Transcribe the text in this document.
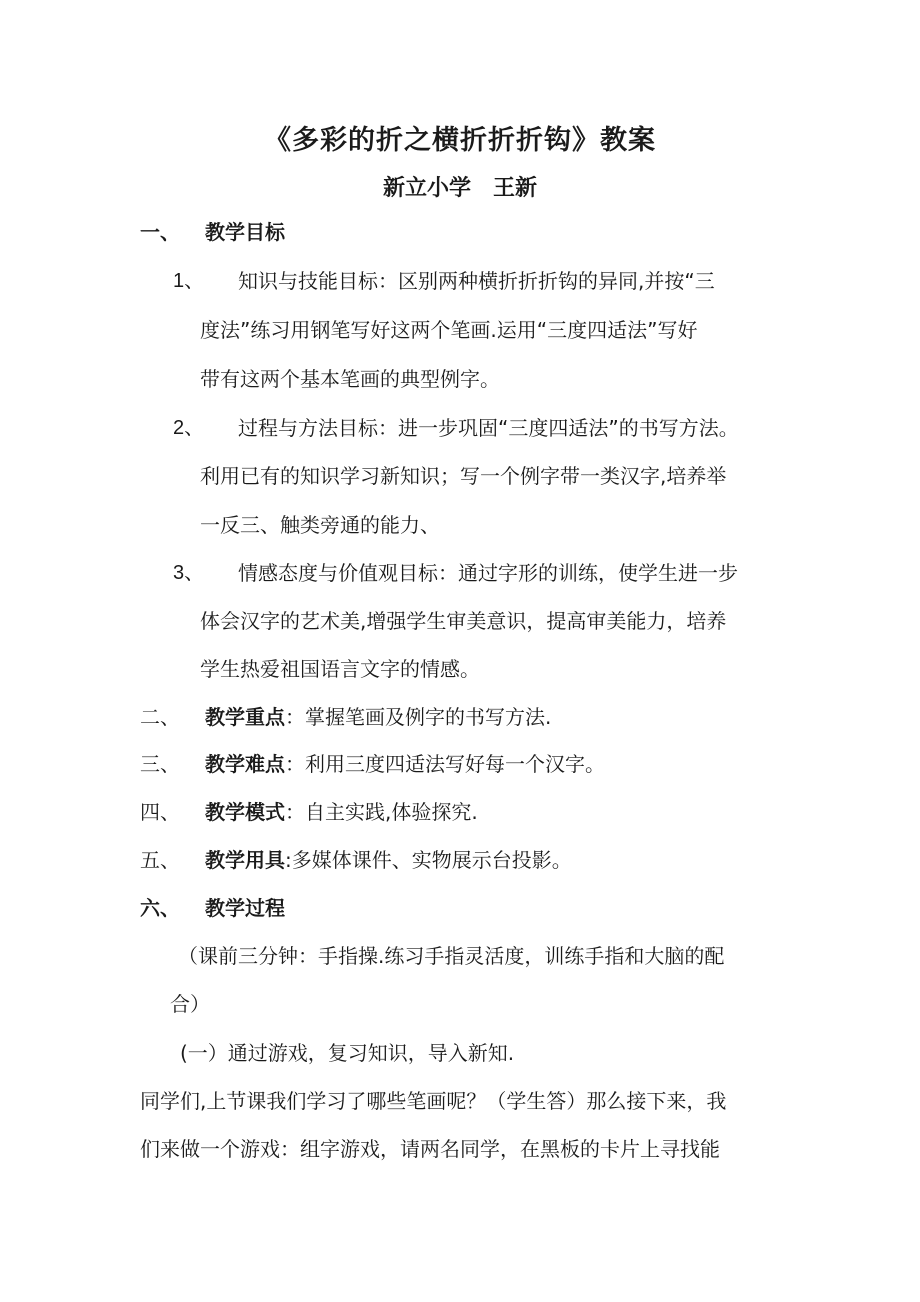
《多彩的折之横折折折钩》教案
新立小学　王新
一、 教学目标
1、 知识与技能目标：区别两种横折折折钩的异同,并按“三
度法”练习用钢笔写好这两个笔画.运用“三度四适法”写好
带有这两个基本笔画的典型例字。
2、 过程与方法目标：进一步巩固“三度四适法”的书写方法。
利用已有的知识学习新知识；写一个例字带一类汉字,培养举
一反三、触类旁通的能力、
3、 情感态度与价值观目标：通过字形的训练，使学生进一步
体会汉字的艺术美,增强学生审美意识，提高审美能力，培养
学生热爱祖国语言文字的情感。
二、 教学重点：掌握笔画及例字的书写方法.
三、 教学难点：利用三度四适法写好每一个汉字。
四、 教学模式：自主实践,体验探究.
五、 教学用具:多媒体课件、实物展示台投影。
六、 教学过程
（课前三分钟：手指操.练习手指灵活度，训练手指和大脑的配
合）
(一）通过游戏，复习知识，导入新知.
同学们,上节课我们学习了哪些笔画呢？（学生答）那么接下来，我
们来做一个游戏：组字游戏，请两名同学，在黑板的卡片上寻找能
